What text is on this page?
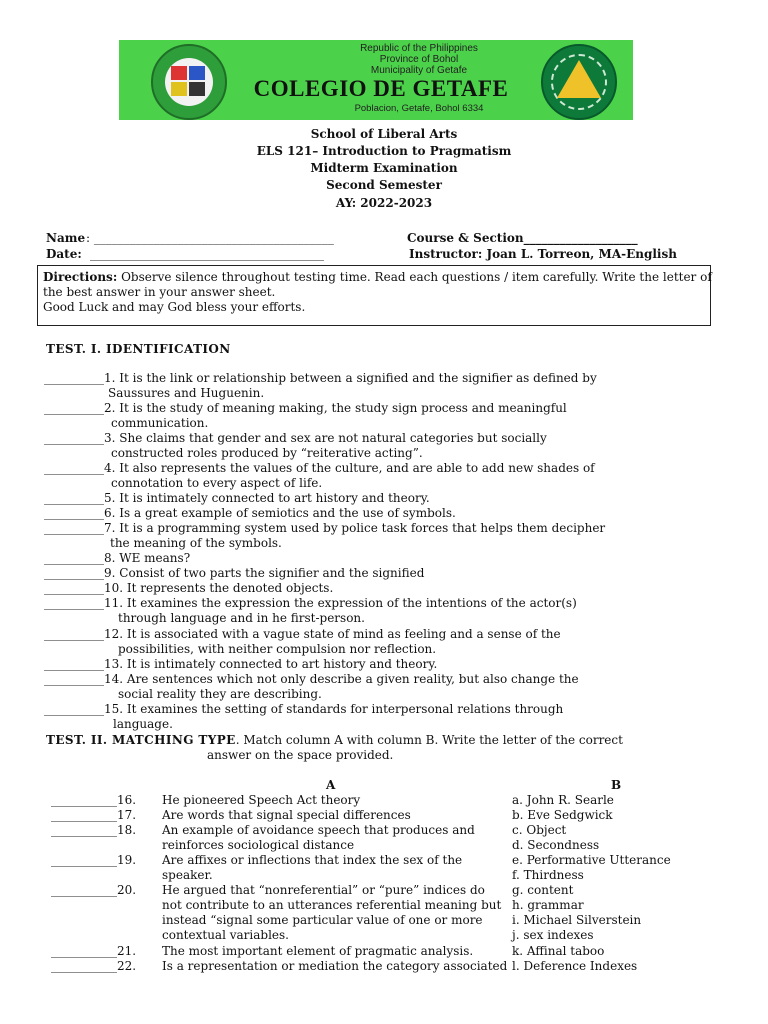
Republic of the Philippines
Province of Bohol
Municipality of Getafe
COLEGIO DE GETAFE
Poblacion, Getafe, Bohol 6334
School of Liberal Arts
ELS 121– Introduction to Pragmatism
Midterm Examination
Second Semester
AY: 2022-2023
Name : ________________________________________	Course & Section___________________
Date: _______________________________________	Instructor: Joan L. Torreon, MA-English
Directions: Observe silence throughout testing time. Read each questions / item carefully. Write the letter of
the best answer in your answer sheet.
Good Luck and may God bless your efforts.
TEST. I. IDENTIFICATION
__________1. It is the link or relationship between a signified and the signifier as defined by
Saussures and Huguenin.
__________2. It is the study of meaning making, the study sign process and meaningful
communication.
__________3. She claims that gender and sex are not natural categories but socially
constructed roles produced by “reiterative acting”.
__________4. It also represents the values of the culture, and are able to add new shades of
connotation to every aspect of life.
__________5. It is intimately connected to art history and theory.
__________6. Is a great example of semiotics and the use of symbols.
__________7. It is a programming system used by police task forces that helps them decipher
the meaning of the symbols.
__________8. WE means?
__________9. Consist of two parts the signifier and the signified
__________10. It represents the denoted objects.
__________11. It examines the expression the expression of the intentions of the actor(s)
through language and in he first-person.
__________12. It is associated with a vague state of mind as feeling and a sense of the
possibilities, with neither compulsion nor reflection.
__________13. It is intimately connected to art history and theory.
__________14. Are sentences which not only describe a given reality, but also change the
social reality they are describing.
__________15. It examines the setting of standards for interpersonal relations through
language.
TEST. II. MATCHING TYPE. Match column A with column B. Write the letter of the correct
answer on the space provided.
A	B
___________16. He pioneered Speech Act theory
___________17. Are words that signal special differences
___________18. An example of avoidance speech that produces and
reinforces sociological distance
___________19. Are affixes or inflections that index the sex of the
speaker.
___________20. He argued that “nonreferential” or “pure” indices do
not contribute to an utterances referential meaning but
instead “signal some particular value of one or more
contextual variables.
___________21. The most important element of pragmatic analysis.
___________22. Is a representation or mediation the category associated
a. John R. Searle
b. Eve Sedgwick
c. Object
d. Secondness
e. Performative Utterance
f. Thirdness
g. content
h. grammar
i. Michael Silverstein
j. sex indexes
k. Affinal taboo
l. Deference Indexes
